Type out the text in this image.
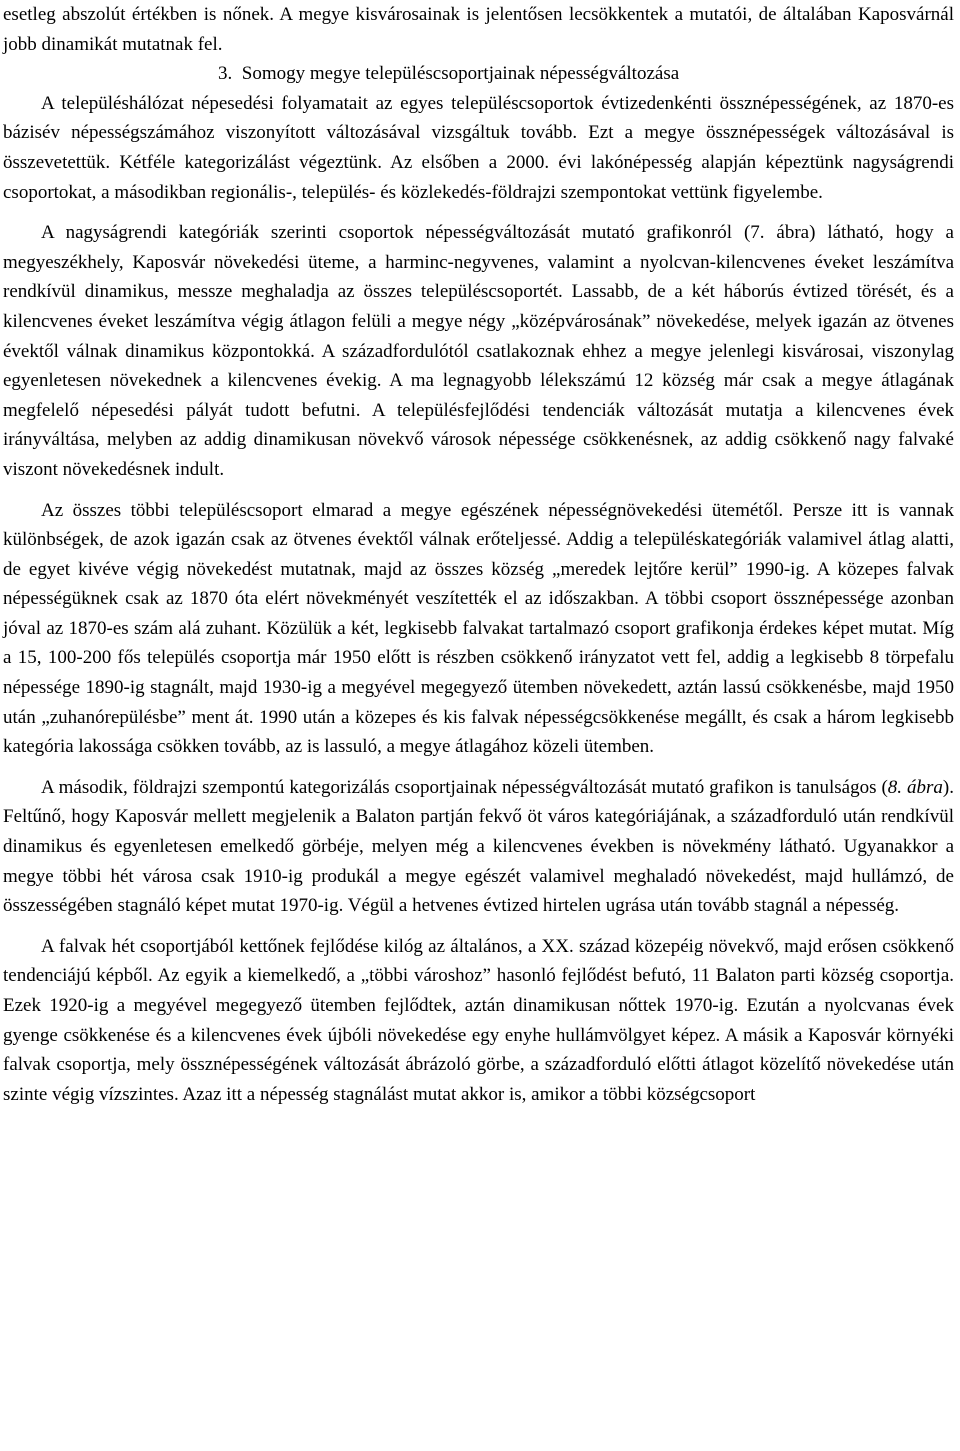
esetleg abszolút értékben is nőnek. A megye kisvárosainak is jelentősen lecsökkentek a mutatói, de általában Kaposvárnál jobb dinamikát mutatnak fel.

3. Somogy megye településcsoportjainak népességváltozása

A településhálózat népesedési folyamatait az egyes településcsoportok évtizedenkénti össznépességének, az 1870-es bázisév népességszámához viszonyított változásával vizsgáltuk tovább. Ezt a megye össznépességek változásával is összevetettük. Kétféle kategorizálást végeztünk. Az elsőben a 2000. évi lakónépesség alapján képeztünk nagyságrendi csoportokat, a másodikban regionális-, település- és közlekedés-földrajzi szempontokat vettünk figyelembe.

A nagyságrendi kategóriák szerinti csoportok népességváltozását mutató grafikonról (7. ábra) látható, hogy a megyeszékhely, Kaposvár növekedési üteme, a harminc-negyvenes, valamint a nyolcvan-kilencvenes éveket leszámítva rendkívül dinamikus, messze meghaladja az összes településcsoportét. Lassabb, de a két háborús évtized törését, és a kilencvenes éveket leszámítva végig átlagon felüli a megye négy „középvárosának” növekedése, melyek igazán az ötvenes évektől válnak dinamikus központokká. A századfordulótól csatlakoznak ehhez a megye jelenlegi kisvárosai, viszonylag egyenletesen növekednek a kilencvenes évekig. A ma legnagyobb lélekszámú 12 község már csak a megye átlagának megfelelő népesedési pályát tudott befutni. A településfejlődési tendenciák változását mutatja a kilencvenes évek irányváltása, melyben az addig dinamikusan növekvő városok népessége csökkenésnek, az addig csökkenő nagy falvaké viszont növekedésnek indult.

Az összes többi településcsoport elmarad a megye egészének népességnövekedési ütemétől. Persze itt is vannak különbségek, de azok igazán csak az ötvenes évektől válnak erőteljessé. Addig a településkategóriák valamivel átlag alatti, de egyet kivéve végig növekedést mutatnak, majd az összes község „meredek lejtőre kerül” 1990-ig. A közepes falvak népességüknek csak az 1870 óta elért növekményét veszítették el az időszakban. A többi csoport össznépessége azonban jóval az 1870-es szám alá zuhant. Közülük a két, legkisebb falvakat tartalmazó csoport grafikonja érdekes képet mutat. Míg a 15, 100-200 fős település csoportja már 1950 előtt is részben csökkenő irányzatot vett fel, addig a legkisebb 8 törpefalu népessége 1890-ig stagnált, majd 1930-ig a megyével megegyező ütemben növekedett, aztán lassú csökkenésbe, majd 1950 után „zuhanórepülésbe” ment át. 1990 után a közepes és kis falvak népességcsökkenése megállt, és csak a három legkisebb kategória lakossága csökken tovább, az is lassuló, a megye átlagához közeli ütemben.

A második, földrajzi szempontú kategorizálás csoportjainak népességváltozását mutató grafikon is tanulságos (8. ábra). Feltűnő, hogy Kaposvár mellett megjelenik a Balaton partján fekvő öt város kategóriájának, a századforduló után rendkívül dinamikus és egyenletesen emelkedő görbéje, melyen még a kilencvenes években is növekmény látható. Ugyanakkor a megye többi hét városa csak 1910-ig produkál a megye egészét valamivel meghaladó növekedést, majd hullámzó, de összességében stagnáló képet mutat 1970-ig. Végül a hetvenes évtized hirtelen ugrása után tovább stagnál a népesség.

A falvak hét csoportjából kettőnek fejlődése kilóg az általános, a XX. század közepéig növekvő, majd erősen csökkenő tendenciájú képből. Az egyik a kiemelkedő, a „többi városhoz” hasonló fejlődést befutó, 11 Balaton parti község csoportja. Ezek 1920-ig a megyével megegyező ütemben fejlődtek, aztán dinamikusan nőttek 1970-ig. Ezután a nyolcvanas évek gyenge csökkenése és a kilencvenes évek újbóli növekedése egy enyhe hullámvölgyet képez. A másik a Kaposvár környéki falvak csoportja, mely össznépességének változását ábrázoló görbe, a századforduló előtti átlagot közelítő növekedése után szinte végig vízszintes. Azaz itt a népesség stagnálást mutat akkor is, amikor a többi községcsoport
